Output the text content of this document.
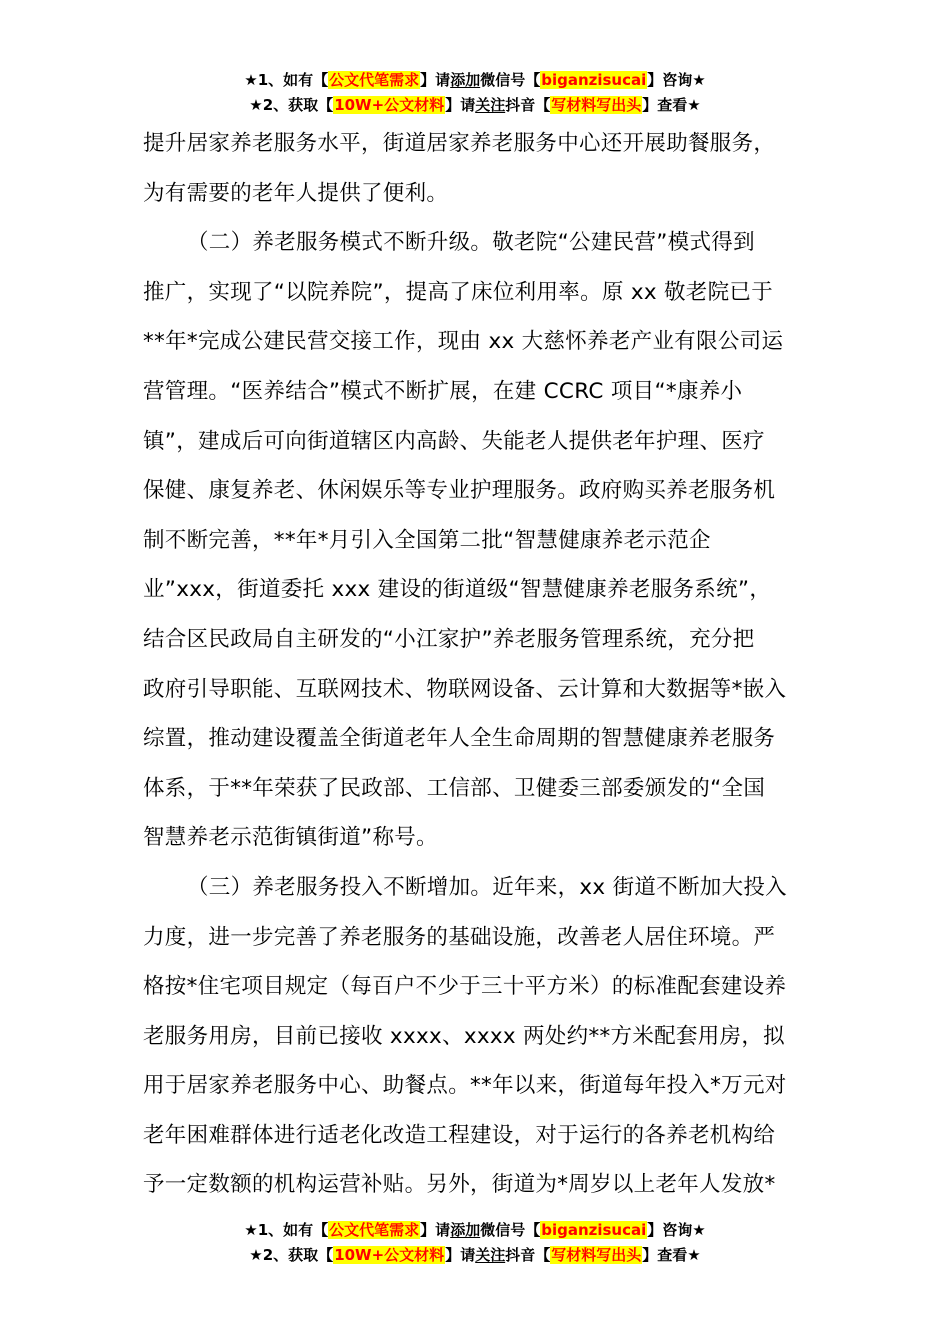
★1、如有【公文代笔需求】请添加微信号【biganzisucai】咨询★
★2、获取【10W+公文材料】请关注抖音【写材料写出头】查看★
提升居家养老服务水平，街道居家养老服务中心还开展助餐服务，
为有需要的老年人提供了便利。
（二）养老服务模式不断升级。敬老院“公建民营”模式得到
推广，实现了“以院养院”，提高了床位利用率。原 xx 敬老院已于
**年*完成公建民营交接工作，现由 xx 大慈怀养老产业有限公司运
营管理。“医养结合”模式不断扩展，在建 CCRC 项目“*康养小
镇”，建成后可向街道辖区内高龄、失能老人提供老年护理、医疗
保健、康复养老、休闲娱乐等专业护理服务。政府购买养老服务机
制不断完善，**年*月引入全国第二批“智慧健康养老示范企
业”xxx，街道委托 xxx 建设的街道级“智慧健康养老服务系统”，
结合区民政局自主研发的“小江家护”养老服务管理系统，充分把
政府引导职能、互联网技术、物联网设备、云计算和大数据等*嵌入
综置，推动建设覆盖全街道老年人全生命周期的智慧健康养老服务
体系，于**年荣获了民政部、工信部、卫健委三部委颁发的“全国
智慧养老示范街镇街道”称号。
（三）养老服务投入不断增加。近年来，xx 街道不断加大投入
力度，进一步完善了养老服务的基础设施，改善老人居住环境。严
格按*住宅项目规定（每百户不少于三十平方米）的标准配套建设养
老服务用房，目前已接收 xxxx、xxxx 两处约**方米配套用房，拟
用于居家养老服务中心、助餐点。**年以来，街道每年投入*万元对
老年困难群体进行适老化改造工程建设，对于运行的各养老机构给
予一定数额的机构运营补贴。另外，街道为*周岁以上老年人发放*
★1、如有【公文代笔需求】请添加微信号【biganzisucai】咨询★
★2、获取【10W+公文材料】请关注抖音【写材料写出头】查看★
